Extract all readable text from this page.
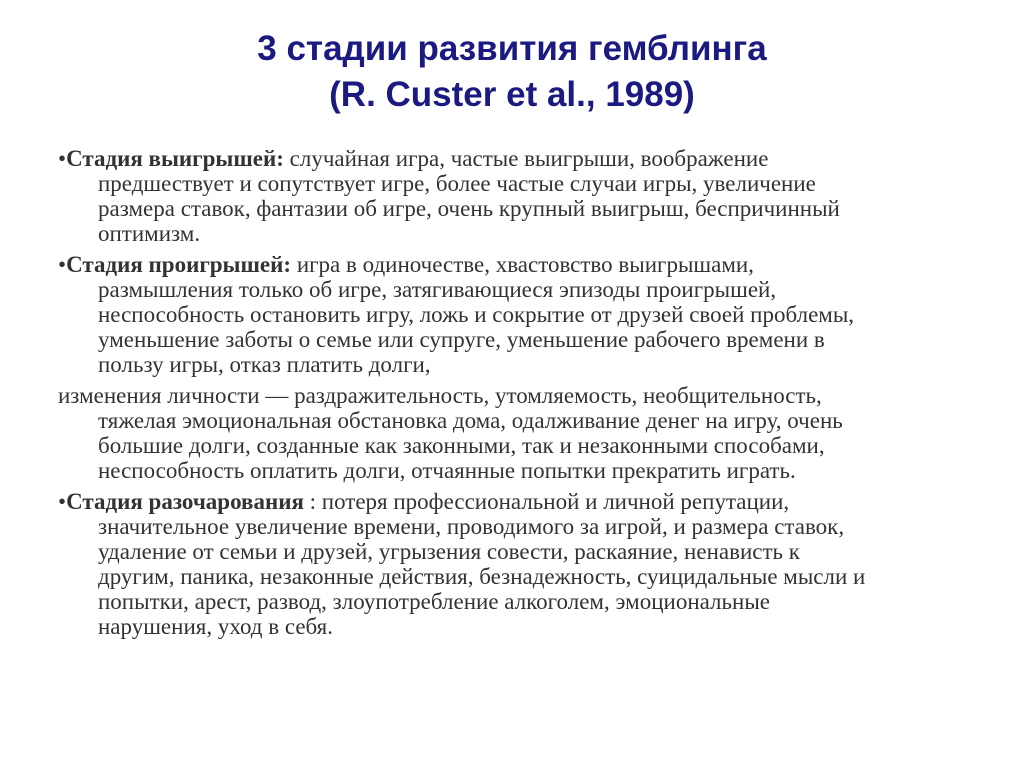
3 стадии развития гемблинга
(R. Custer et al., 1989)
•Стадия выигрышей: случайная игра, частые выигрыши, воображение
предшествует и сопутствует игре, более частые случаи игры, увеличение
размера ставок, фантазии об игре, очень крупный выигрыш, беспричинный
оптимизм.
•Стадия проигрышей: игра в одиночестве, хвастовство выигрышами,
размышления только об игре, затягивающиеся эпизоды проигрышей,
неспособность остановить игру, ложь и сокрытие от друзей своей проблемы,
уменьшение заботы о семье или супруге, уменьшение рабочего времени в
пользу игры, отказ платить долги,
изменения личности — раздражительность, утомляемость, необщительность,
тяжелая эмоциональная обстановка дома, одалживание денег на игру, очень
большие долги, созданные как законными, так и незаконными способами,
неспособность оплатить долги, отчаянные попытки прекратить играть.
•Стадия разочарования : потеря профессиональной и личной репутации,
значительное увеличение времени, проводимого за игрой, и размера ставок,
удаление от семьи и друзей, угрызения совести, раскаяние, ненависть к
другим, паника, незаконные действия, безнадежность, суицидальные мысли и
попытки, арест, развод, злоупотребление алкоголем, эмоциональные
нарушения, уход в себя.
